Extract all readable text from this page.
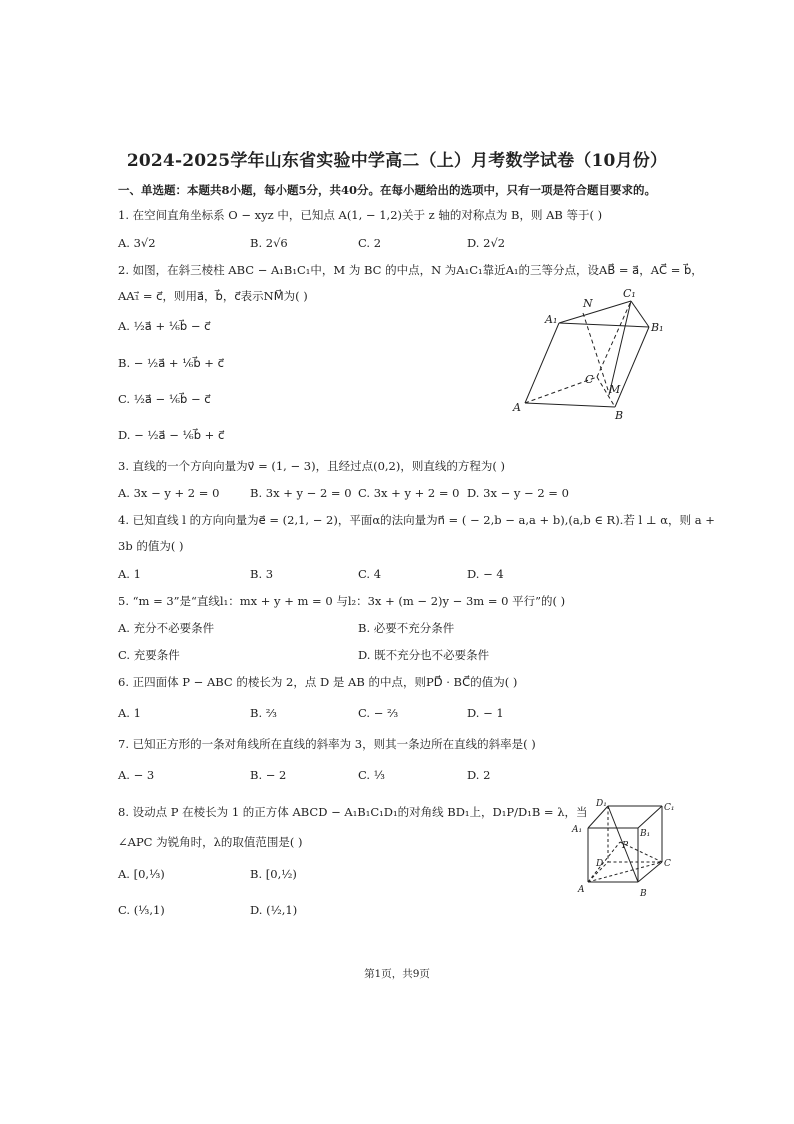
2024-2025学年山东省实验中学高二（上）月考数学试卷（10月份）
一、单选题：本题共8小题，每小题5分，共40分。在每小题给出的选项中，只有一项是符合题目要求的。
1. 在空间直角坐标系 O − xyz 中，已知点 A(1, − 1,2)关于 z 轴的对称点为 B，则 AB 等于( )
A. 3√2	B. 2√6	C. 2	D. 2√2
2. 如图，在斜三棱柱 ABC − A₁B₁C₁中，M 为 BC 的中点，N 为A₁C₁靠近A₁的三等分点，设AB⃗ = a⃗，AC⃗ = b⃗，
AA₁⃗ = c⃗，则用a⃗，b⃗，c⃗表示NM⃗为( )
A. ½a⃗ + ⅙b⃗ − c⃗
B. − ½a⃗ + ⅙b⃗ + c⃗
C. ½a⃗ − ⅙b⃗ − c⃗
D. − ½a⃗ − ⅙b⃗ + c⃗
A₁
N
C₁
B₁
C
M
A
B
3. 直线的一个方向向量为v⃗ = (1, − 3)，且经过点(0,2)，则直线的方程为( )
A. 3x − y + 2 = 0	B. 3x + y − 2 = 0 C. 3x + y + 2 = 0 D. 3x − y − 2 = 0
4. 已知直线 l 的方向向量为e⃗ = (2,1, − 2)，平面α的法向量为n⃗ = ( − 2,b − a,a + b),(a,b ∈ R).若 l ⊥ α，则 a +
3b 的值为( )
A. 1	B. 3	C. 4	D. − 4
5. “m = 3”是“直线l₁：mx + y + m = 0 与l₂：3x + (m − 2)y − 3m = 0 平行”的( )
A. 充分不必要条件	B. 必要不充分条件
C. 充要条件	D. 既不充分也不必要条件
6. 正四面体 P − ABC 的棱长为 2，点 D 是 AB 的中点，则PD⃗ · BC⃗的值为( )
A. 1	B. ⅔	C. − ⅔	D. − 1
7. 已知正方形的一条对角线所在直线的斜率为 3，则其一条边所在直线的斜率是( )
A. − 3	B. − 2	C. ⅓	D. 2
8. 设动点 P 在棱长为 1 的正方体 ABCD − A₁B₁C₁D₁的对角线 BD₁上，D₁P/D₁B = λ，当
∠APC 为锐角时，λ的取值范围是( )
A. [0,⅓)	B. [0,½)
C. (⅓,1)	D. (½,1)
D₁	C₁
A₁	B₁
P
D	C
A	B
第1页，共9页
